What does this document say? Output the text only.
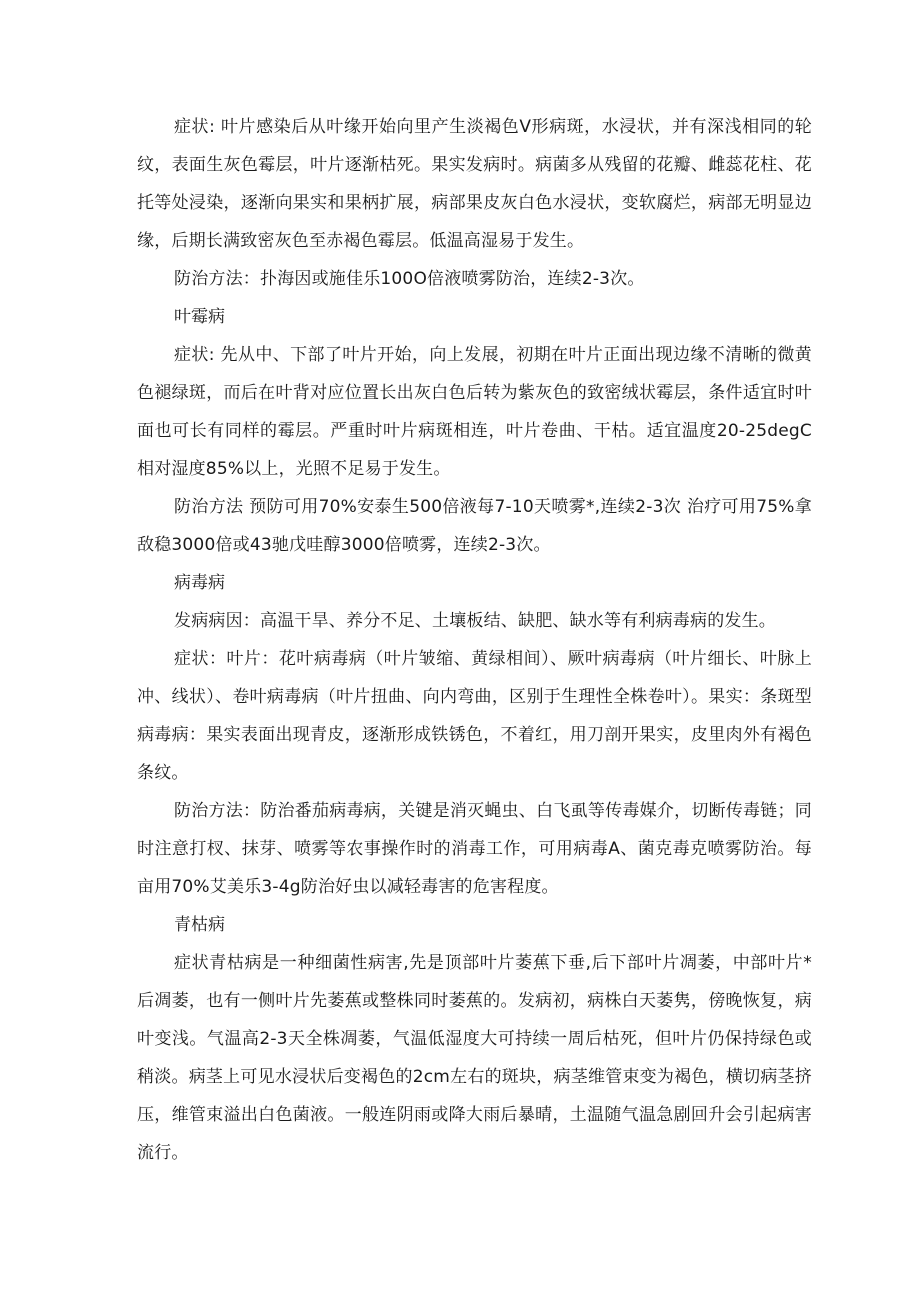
症状: 叶片感染后从叶缘开始向里产生淡褐色V形病斑，水浸状，并有深浅相同的轮纹，表面生灰色霉层，叶片逐渐枯死。果实发病时。病菌多从残留的花瓣、雌蕊花柱、花托等处浸染，逐渐向果实和果柄扩展，病部果皮灰白色水浸状，变软腐烂，病部无明显边缘，后期长满致密灰色至赤褐色霉层。低温高湿易于发生。

防治方法：扑海因或施佳乐100O倍液喷雾防治，连续2-3次。

叶霉病

症状: 先从中、下部了叶片开始，向上发展，初期在叶片正面出现边缘不清晰的微黄色褪绿斑，而后在叶背对应位置长出灰白色后转为紫灰色的致密绒状霉层，条件适宜时叶面也可长有同样的霉层。严重时叶片病斑相连，叶片卷曲、干枯。适宜温度20-25degC相对湿度85%以上，光照不足易于发生。

防治方法 预防可用70%安泰生500倍液每7-10天喷雾*,连续2-3次 治疗可用75%拿敌稳3000倍或43驰戊哇醇3000倍喷雾，连续2-3次。

病毒病

发病病因：高温干旱、养分不足、土壤板结、缺肥、缺水等有利病毒病的发生。

症状：叶片：花叶病毒病（叶片皱缩、黄绿相间）、厥叶病毒病（叶片细长、叶脉上冲、线状）、卷叶病毒病（叶片扭曲、向内弯曲，区别于生理性全株卷叶）。果实：条斑型病毒病：果实表面出现青皮，逐渐形成铁锈色，不着红，用刀剖开果实，皮里肉外有褐色条纹。

防治方法：防治番茄病毒病，关键是消灭蝇虫、白飞虱等传毒媒介，切断传毒链；同时注意打杈、抹芽、喷雾等农事操作时的消毒工作，可用病毒A、菌克毒克喷雾防治。每亩用70%艾美乐3-4g防治好虫以减轻毒害的危害程度。

青枯病

症状青枯病是一种细菌性病害,先是顶部叶片萎蕉下垂,后下部叶片凋萎，中部叶片*后凋萎，也有一侧叶片先萎蕉或整株同时萎蕉的。发病初，病株白天萎隽，傍晚恢复，病叶变浅。气温高2-3天全株凋萎，气温低湿度大可持续一周后枯死，但叶片仍保持绿色或稍淡。病茎上可见水浸状后变褐色的2cm左右的斑块，病茎维管束变为褐色，横切病茎挤压，维管束溢出白色菌液。一般连阴雨或降大雨后暴晴，土温随气温急剧回升会引起病害流行。
